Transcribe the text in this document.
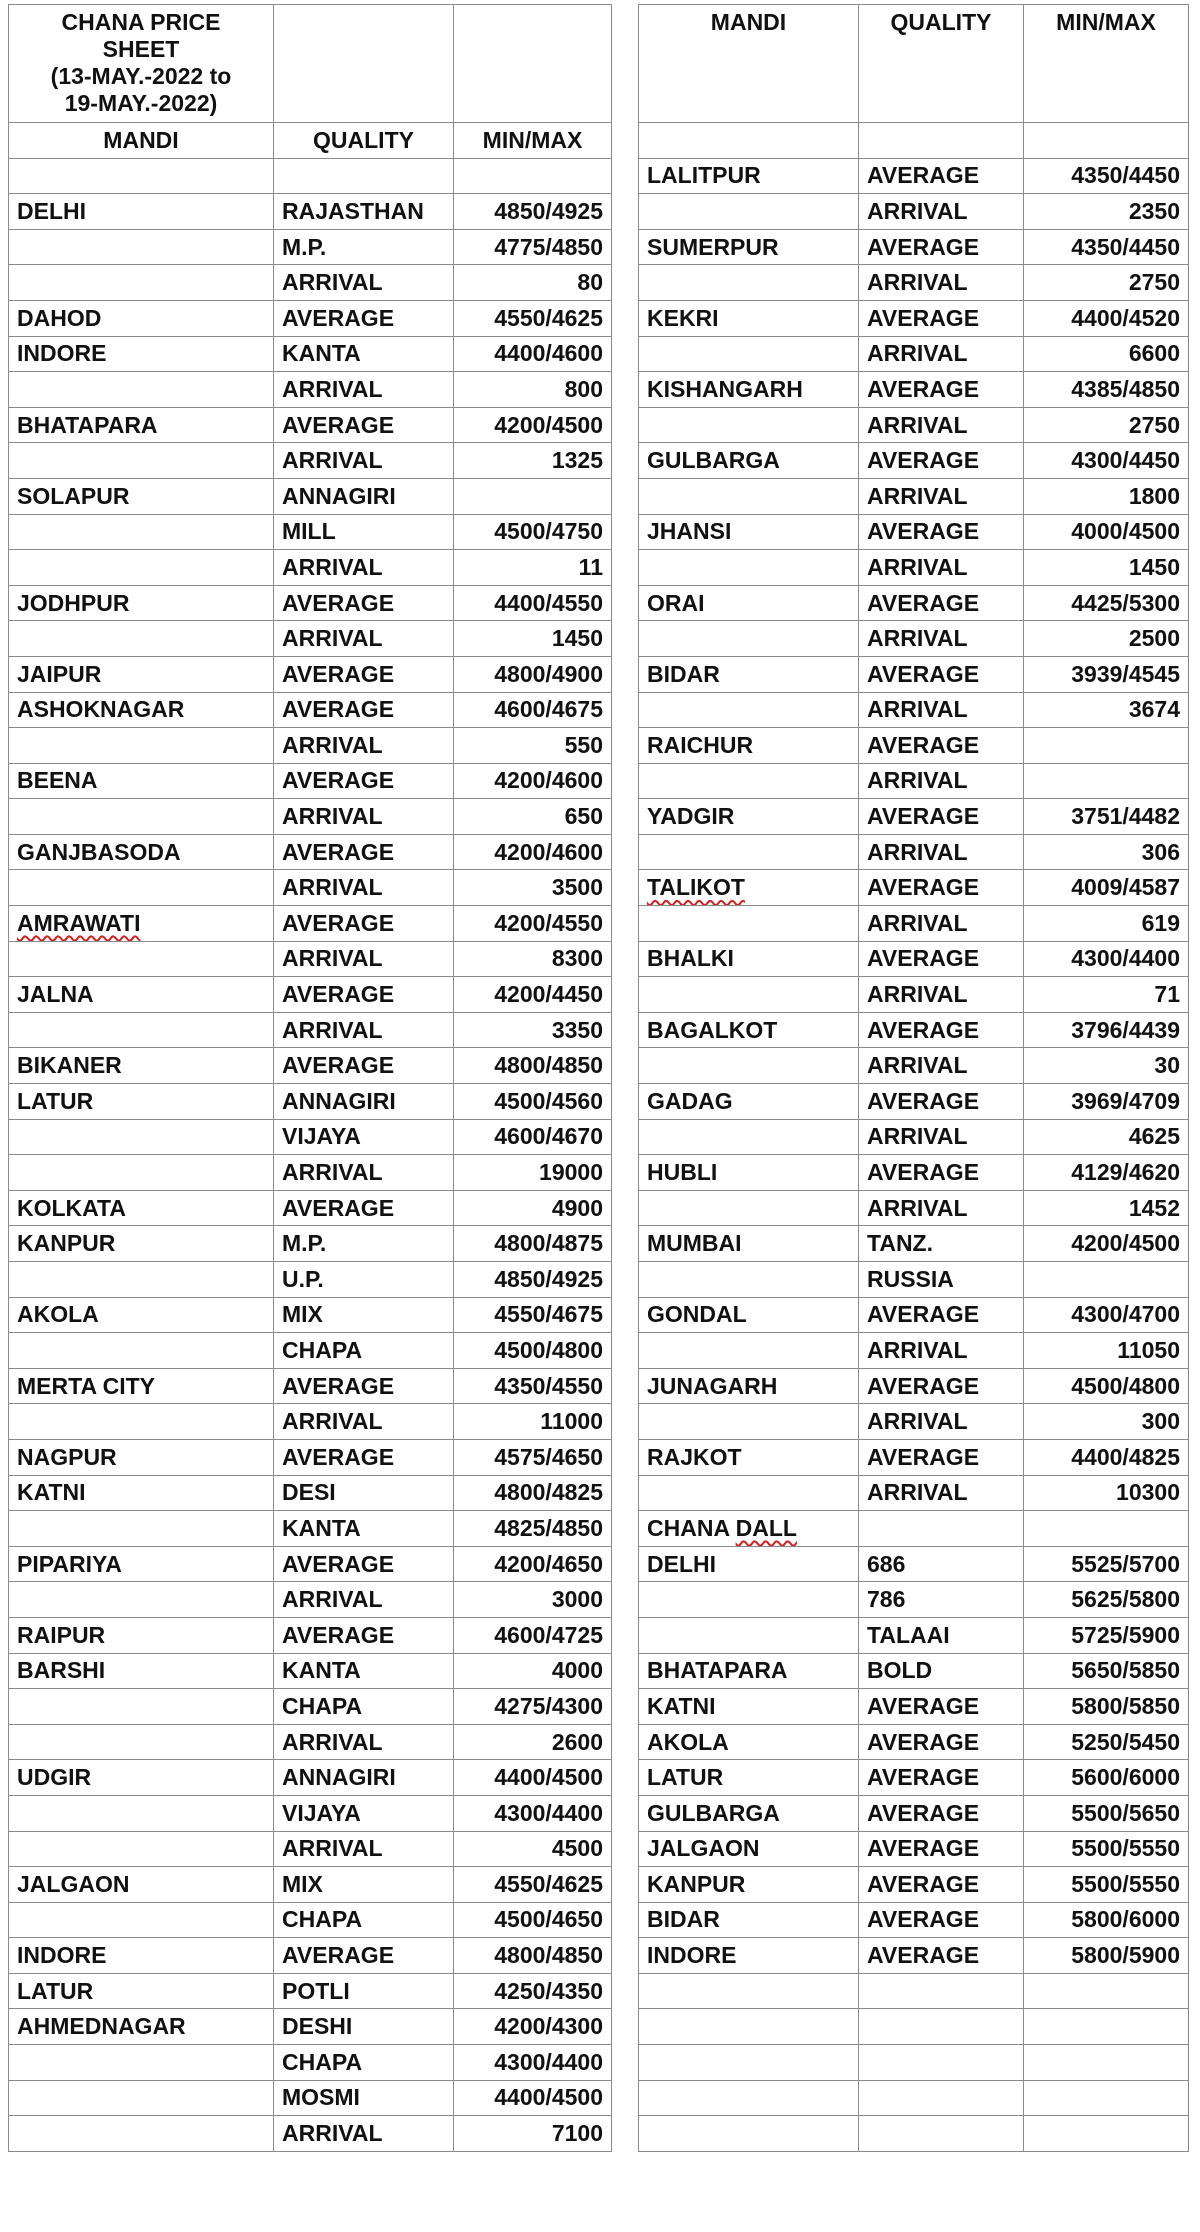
CHANA PRICE
SHEET
(13-MAY.-2022 to
19-MAY.-2022)				MANDI	QUALITY	MIN/MAX
MANDI	QUALITY	MIN/MAX				
				LALITPUR	AVERAGE	4350/4450
DELHI	RAJASTHAN	4850/4925			ARRIVAL	2350
	M.P.	4775/4850		SUMERPUR	AVERAGE	4350/4450
	ARRIVAL	80			ARRIVAL	2750
DAHOD	AVERAGE	4550/4625		KEKRI	AVERAGE	4400/4520
INDORE	KANTA	4400/4600			ARRIVAL	6600
	ARRIVAL	800		KISHANGARH	AVERAGE	4385/4850
BHATAPARA	AVERAGE	4200/4500			ARRIVAL	2750
	ARRIVAL	1325		GULBARGA	AVERAGE	4300/4450
SOLAPUR	ANNAGIRI				ARRIVAL	1800
	MILL	4500/4750		JHANSI	AVERAGE	4000/4500
	ARRIVAL	11			ARRIVAL	1450
JODHPUR	AVERAGE	4400/4550		ORAI	AVERAGE	4425/5300
	ARRIVAL	1450			ARRIVAL	2500
JAIPUR	AVERAGE	4800/4900		BIDAR	AVERAGE	3939/4545
ASHOKNAGAR	AVERAGE	4600/4675			ARRIVAL	3674
	ARRIVAL	550		RAICHUR	AVERAGE	
BEENA	AVERAGE	4200/4600			ARRIVAL	
	ARRIVAL	650		YADGIR	AVERAGE	3751/4482
GANJBASODA	AVERAGE	4200/4600			ARRIVAL	306
	ARRIVAL	3500		TALIKOT	AVERAGE	4009/4587
AMRAWATI	AVERAGE	4200/4550			ARRIVAL	619
	ARRIVAL	8300		BHALKI	AVERAGE	4300/4400
JALNA	AVERAGE	4200/4450			ARRIVAL	71
	ARRIVAL	3350		BAGALKOT	AVERAGE	3796/4439
BIKANER	AVERAGE	4800/4850			ARRIVAL	30
LATUR	ANNAGIRI	4500/4560		GADAG	AVERAGE	3969/4709
	VIJAYA	4600/4670			ARRIVAL	4625
	ARRIVAL	19000		HUBLI	AVERAGE	4129/4620
KOLKATA	AVERAGE	4900			ARRIVAL	1452
KANPUR	M.P.	4800/4875		MUMBAI	TANZ.	4200/4500
	U.P.	4850/4925			RUSSIA	
AKOLA	MIX	4550/4675		GONDAL	AVERAGE	4300/4700
	CHAPA	4500/4800			ARRIVAL	11050
MERTA CITY	AVERAGE	4350/4550		JUNAGARH	AVERAGE	4500/4800
	ARRIVAL	11000			ARRIVAL	300
NAGPUR	AVERAGE	4575/4650		RAJKOT	AVERAGE	4400/4825
KATNI	DESI	4800/4825			ARRIVAL	10300
	KANTA	4825/4850		CHANA DALL		
PIPARIYA	AVERAGE	4200/4650		DELHI	686	5525/5700
	ARRIVAL	3000			786	5625/5800
RAIPUR	AVERAGE	4600/4725			TALAAI	5725/5900
BARSHI	KANTA	4000		BHATAPARA	BOLD	5650/5850
	CHAPA	4275/4300		KATNI	AVERAGE	5800/5850
	ARRIVAL	2600		AKOLA	AVERAGE	5250/5450
UDGIR	ANNAGIRI	4400/4500		LATUR	AVERAGE	5600/6000
	VIJAYA	4300/4400		GULBARGA	AVERAGE	5500/5650
	ARRIVAL	4500		JALGAON	AVERAGE	5500/5550
JALGAON	MIX	4550/4625		KANPUR	AVERAGE	5500/5550
	CHAPA	4500/4650		BIDAR	AVERAGE	5800/6000
INDORE	AVERAGE	4800/4850		INDORE	AVERAGE	5800/5900
LATUR	POTLI	4250/4350				
AHMEDNAGAR	DESHI	4200/4300				
	CHAPA	4300/4400				
	MOSMI	4400/4500				
	ARRIVAL	7100				
